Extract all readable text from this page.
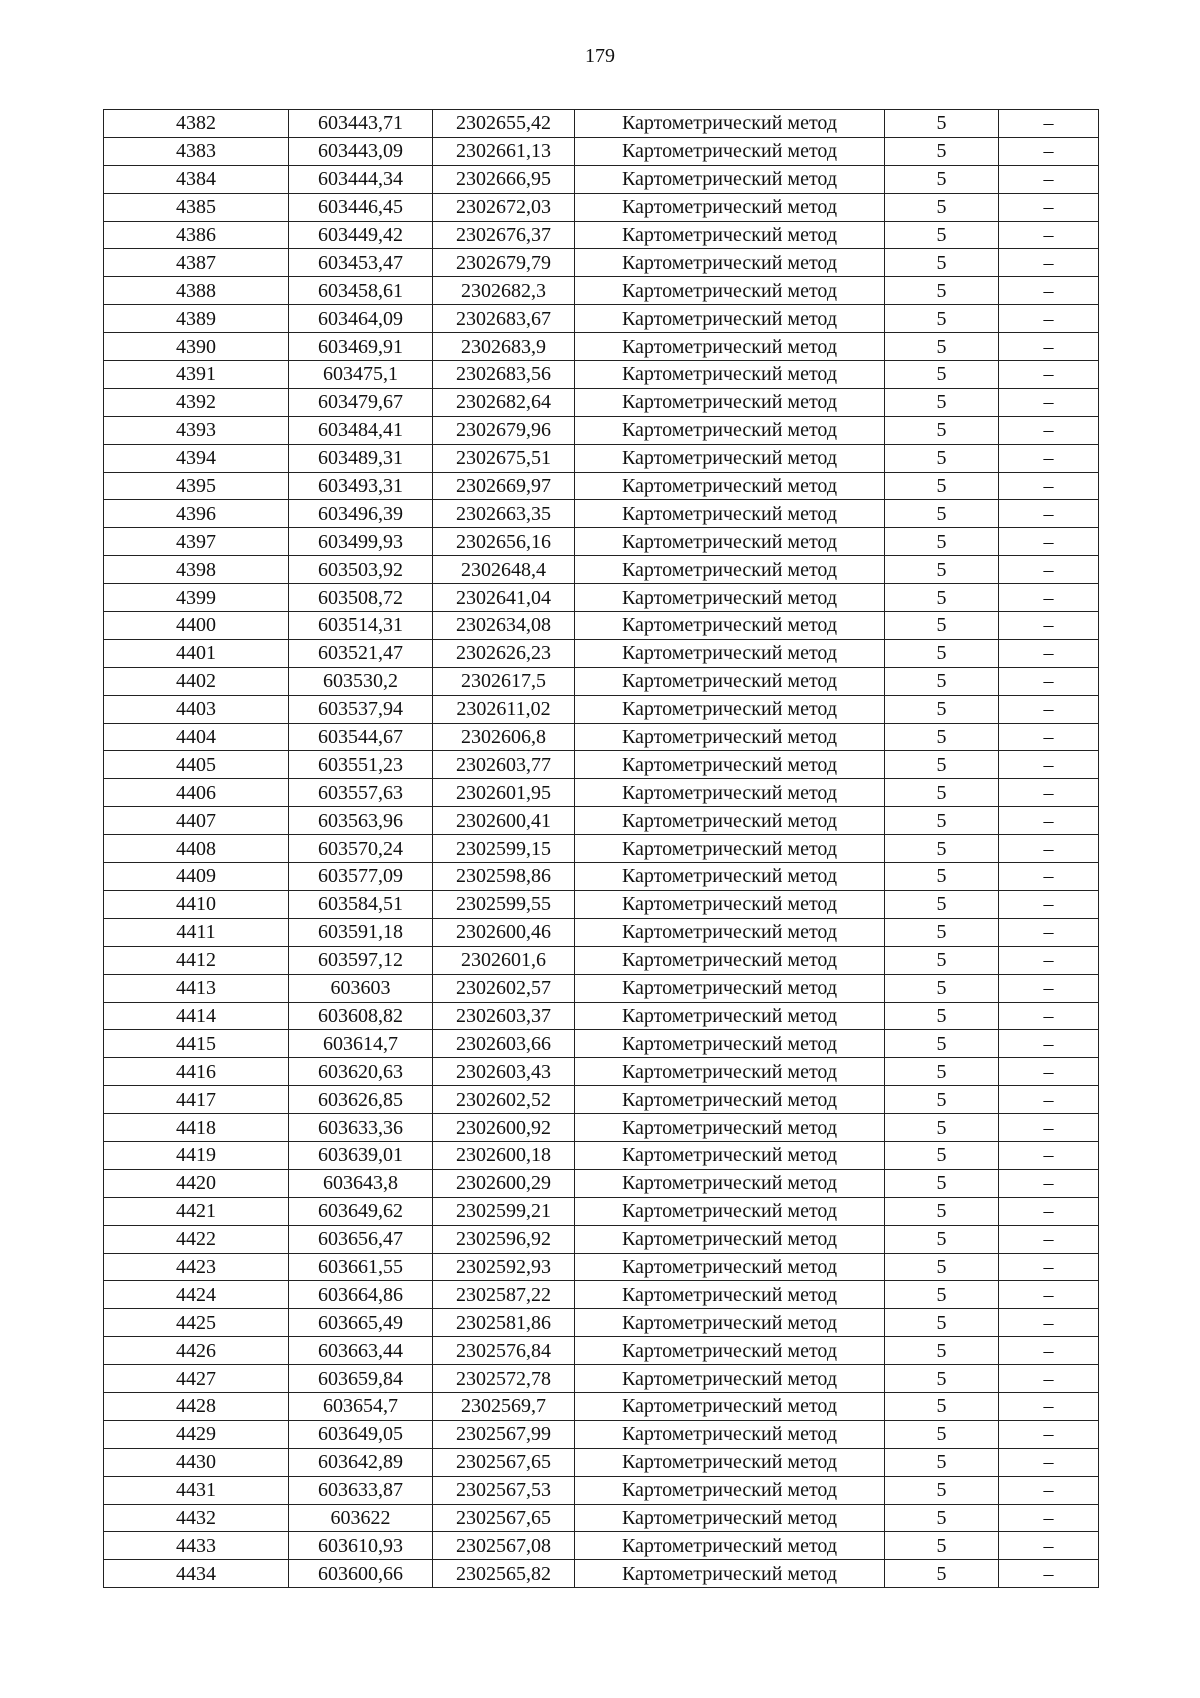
179
4382	603443,71	2302655,42	Картометрический метод	5	–
4383	603443,09	2302661,13	Картометрический метод	5	–
4384	603444,34	2302666,95	Картометрический метод	5	–
4385	603446,45	2302672,03	Картометрический метод	5	–
4386	603449,42	2302676,37	Картометрический метод	5	–
4387	603453,47	2302679,79	Картометрический метод	5	–
4388	603458,61	2302682,3	Картометрический метод	5	–
4389	603464,09	2302683,67	Картометрический метод	5	–
4390	603469,91	2302683,9	Картометрический метод	5	–
4391	603475,1	2302683,56	Картометрический метод	5	–
4392	603479,67	2302682,64	Картометрический метод	5	–
4393	603484,41	2302679,96	Картометрический метод	5	–
4394	603489,31	2302675,51	Картометрический метод	5	–
4395	603493,31	2302669,97	Картометрический метод	5	–
4396	603496,39	2302663,35	Картометрический метод	5	–
4397	603499,93	2302656,16	Картометрический метод	5	–
4398	603503,92	2302648,4	Картометрический метод	5	–
4399	603508,72	2302641,04	Картометрический метод	5	–
4400	603514,31	2302634,08	Картометрический метод	5	–
4401	603521,47	2302626,23	Картометрический метод	5	–
4402	603530,2	2302617,5	Картометрический метод	5	–
4403	603537,94	2302611,02	Картометрический метод	5	–
4404	603544,67	2302606,8	Картометрический метод	5	–
4405	603551,23	2302603,77	Картометрический метод	5	–
4406	603557,63	2302601,95	Картометрический метод	5	–
4407	603563,96	2302600,41	Картометрический метод	5	–
4408	603570,24	2302599,15	Картометрический метод	5	–
4409	603577,09	2302598,86	Картометрический метод	5	–
4410	603584,51	2302599,55	Картометрический метод	5	–
4411	603591,18	2302600,46	Картометрический метод	5	–
4412	603597,12	2302601,6	Картометрический метод	5	–
4413	603603	2302602,57	Картометрический метод	5	–
4414	603608,82	2302603,37	Картометрический метод	5	–
4415	603614,7	2302603,66	Картометрический метод	5	–
4416	603620,63	2302603,43	Картометрический метод	5	–
4417	603626,85	2302602,52	Картометрический метод	5	–
4418	603633,36	2302600,92	Картометрический метод	5	–
4419	603639,01	2302600,18	Картометрический метод	5	–
4420	603643,8	2302600,29	Картометрический метод	5	–
4421	603649,62	2302599,21	Картометрический метод	5	–
4422	603656,47	2302596,92	Картометрический метод	5	–
4423	603661,55	2302592,93	Картометрический метод	5	–
4424	603664,86	2302587,22	Картометрический метод	5	–
4425	603665,49	2302581,86	Картометрический метод	5	–
4426	603663,44	2302576,84	Картометрический метод	5	–
4427	603659,84	2302572,78	Картометрический метод	5	–
4428	603654,7	2302569,7	Картометрический метод	5	–
4429	603649,05	2302567,99	Картометрический метод	5	–
4430	603642,89	2302567,65	Картометрический метод	5	–
4431	603633,87	2302567,53	Картометрический метод	5	–
4432	603622	2302567,65	Картометрический метод	5	–
4433	603610,93	2302567,08	Картометрический метод	5	–
4434	603600,66	2302565,82	Картометрический метод	5	–
